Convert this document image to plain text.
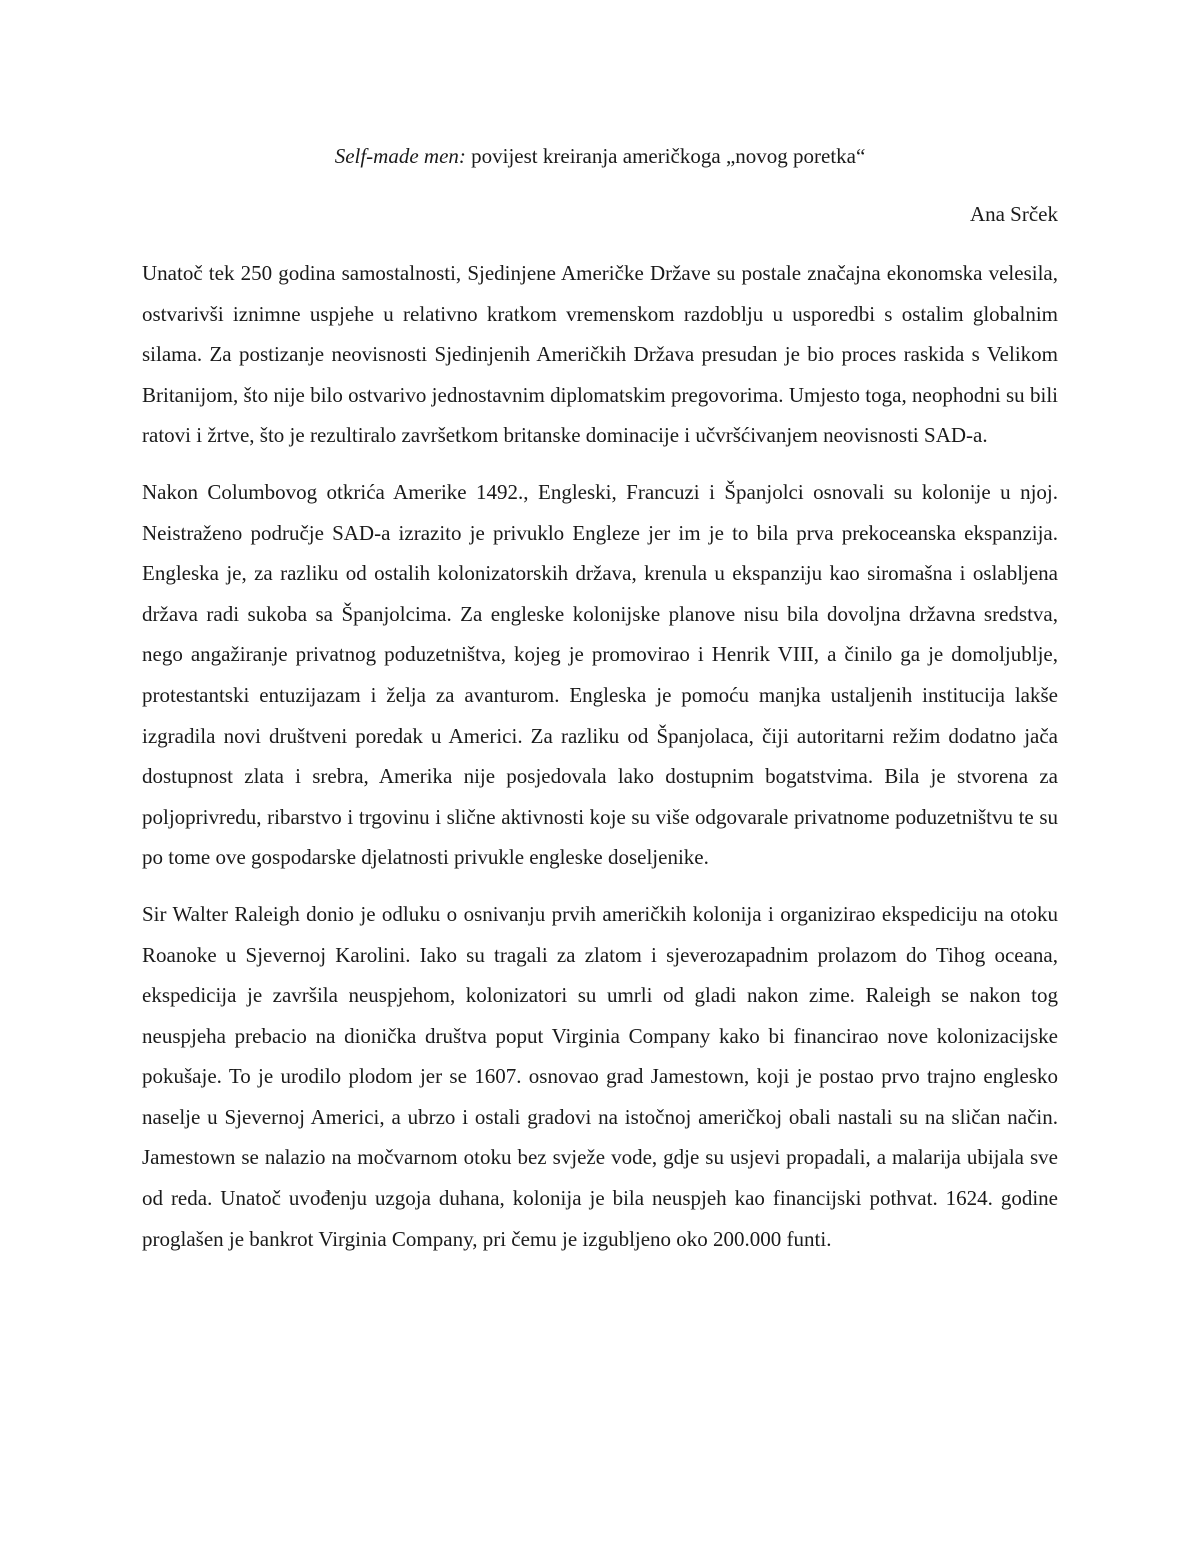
Self-made men: povijest kreiranja američkoga „novog poretka“
Ana Srček

Unatoč tek 250 godina samostalnosti, Sjedinjene Američke Države su postale značajna ekonomska velesila, ostvarivši iznimne uspjehe u relativno kratkom vremenskom razdoblju u usporedbi s ostalim globalnim silama. Za postizanje neovisnosti Sjedinjenih Američkih Država presudan je bio proces raskida s Velikom Britanijom, što nije bilo ostvarivo jednostavnim diplomatskim pregovorima. Umjesto toga, neophodni su bili ratovi i žrtve, što je rezultiralo završetkom britanske dominacije i učvršćivanjem neovisnosti SAD-a.

Nakon Columbovog otkrića Amerike 1492., Engleski, Francuzi i Španjolci osnovali su kolonije u njoj. Neistraženo područje SAD-a izrazito je privuklo Engleze jer im je to bila prva prekoceanska ekspanzija. Engleska je, za razliku od ostalih kolonizatorskih država, krenula u ekspanziju kao siromašna i oslabljena država radi sukoba sa Španjolcima. Za engleske kolonijske planove nisu bila dovoljna državna sredstva, nego angažiranje privatnog poduzetništva, kojeg je promovirao i Henrik VIII, a činilo ga je domoljublje, protestantski entuzijazam i želja za avanturom. Engleska je pomoću manjka ustaljenih institucija lakše izgradila novi društveni poredak u Americi. Za razliku od Španjolaca, čiji autoritarni režim dodatno jača dostupnost zlata i srebra, Amerika nije posjedovala lako dostupnim bogatstvima. Bila je stvorena za poljoprivredu, ribarstvo i trgovinu i slične aktivnosti koje su više odgovarale privatnome poduzetništvu te su po tome ove gospodarske djelatnosti privukle engleske doseljenike.

Sir Walter Raleigh donio je odluku o osnivanju prvih američkih kolonija i organizirao ekspediciju na otoku Roanoke u Sjevernoj Karolini. Iako su tragali za zlatom i sjeverozapadnim prolazom do Tihog oceana, ekspedicija je završila neuspjehom, kolonizatori su umrli od gladi nakon zime. Raleigh se nakon tog neuspjeha prebacio na dionička društva poput Virginia Company kako bi financirao nove kolonizacijske pokušaje. To je urodilo plodom jer se 1607. osnovao grad Jamestown, koji je postao prvo trajno englesko naselje u Sjevernoj Americi, a ubrzo i ostali gradovi na istočnoj američkoj obali nastali su na sličan način. Jamestown se nalazio na močvarnom otoku bez svježe vode, gdje su usjevi propadali, a malarija ubijala sve od reda. Unatoč uvođenju uzgoja duhana, kolonija je bila neuspjeh kao financijski pothvat. 1624. godine proglašen je bankrot Virginia Company, pri čemu je izgubljeno oko 200.000 funti.
